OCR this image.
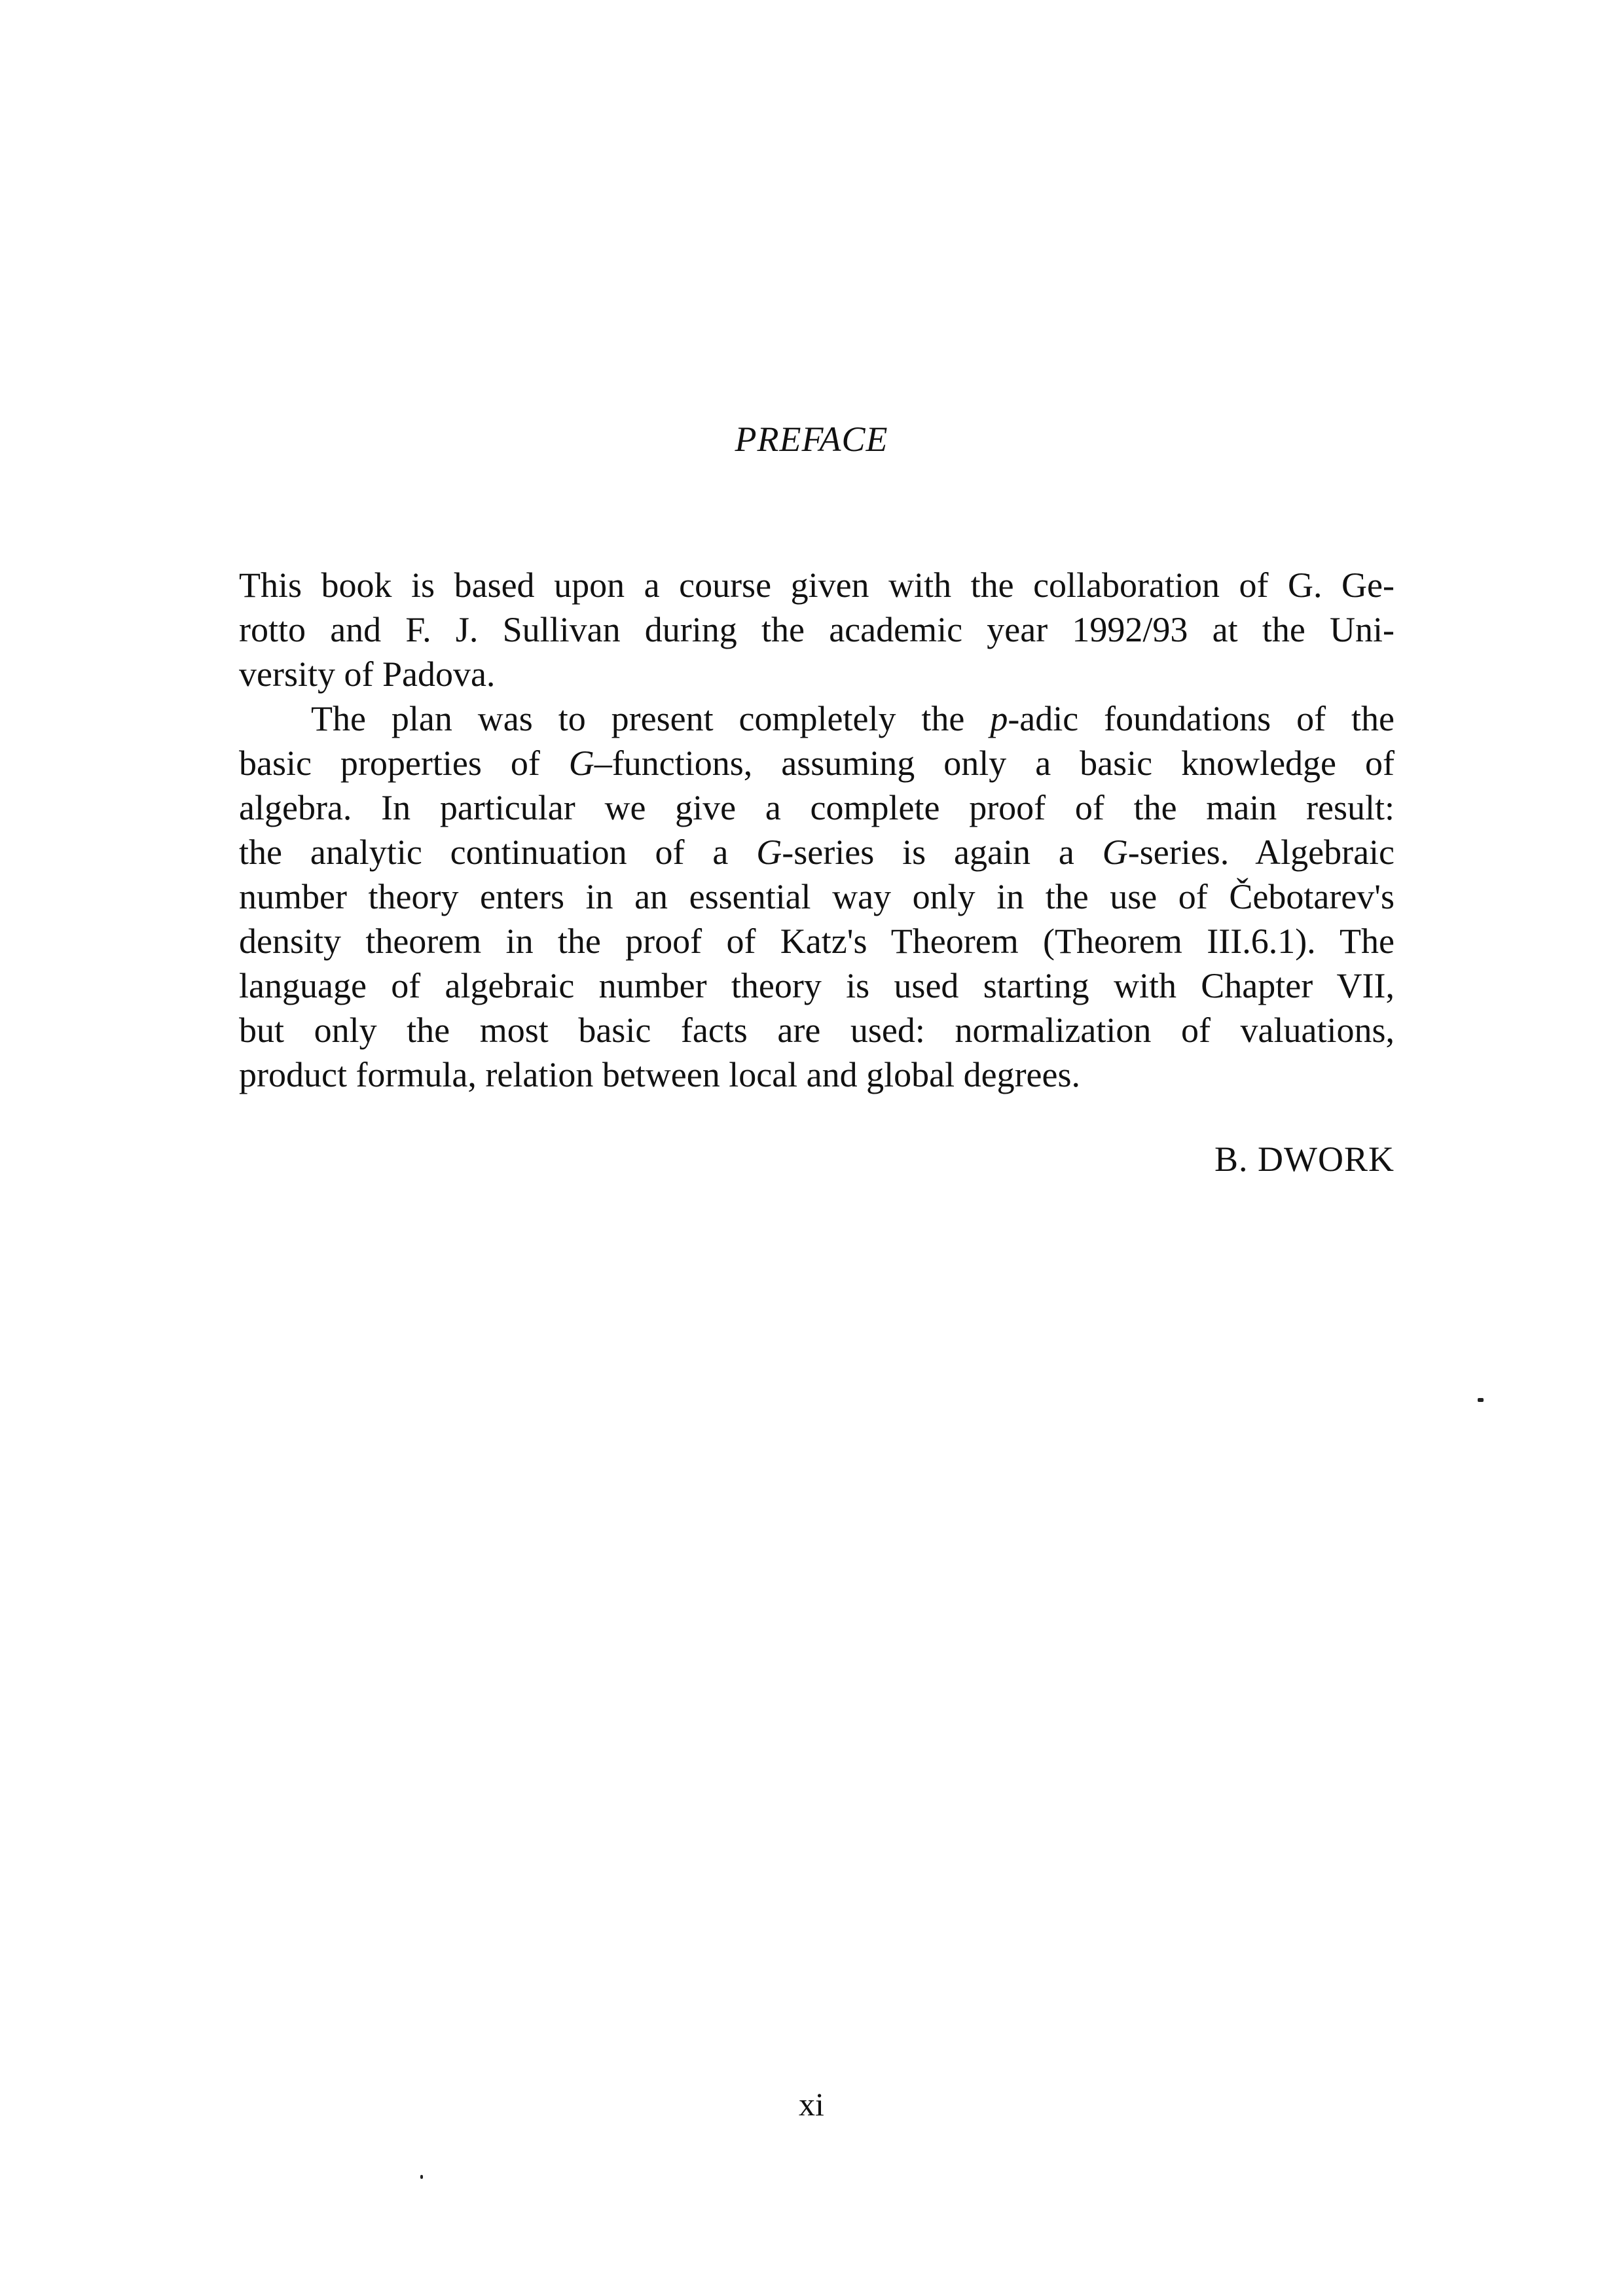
PREFACE
This book is based upon a course given with the collaboration of G. Ge-
rotto and F. J. Sullivan during the academic year 1992/93 at the Uni-
versity of Padova.
The plan was to present completely the p-adic foundations of the
basic properties of G–functions, assuming only a basic knowledge of
algebra. In particular we give a complete proof of the main result:
the analytic continuation of a G-series is again a G-series. Algebraic
number theory enters in an essential way only in the use of Čebotarev's
density theorem in the proof of Katz's Theorem (Theorem III.6.1). The
language of algebraic number theory is used starting with Chapter VII,
but only the most basic facts are used: normalization of valuations,
product formula, relation between local and global degrees.
B. DWORK
xi
